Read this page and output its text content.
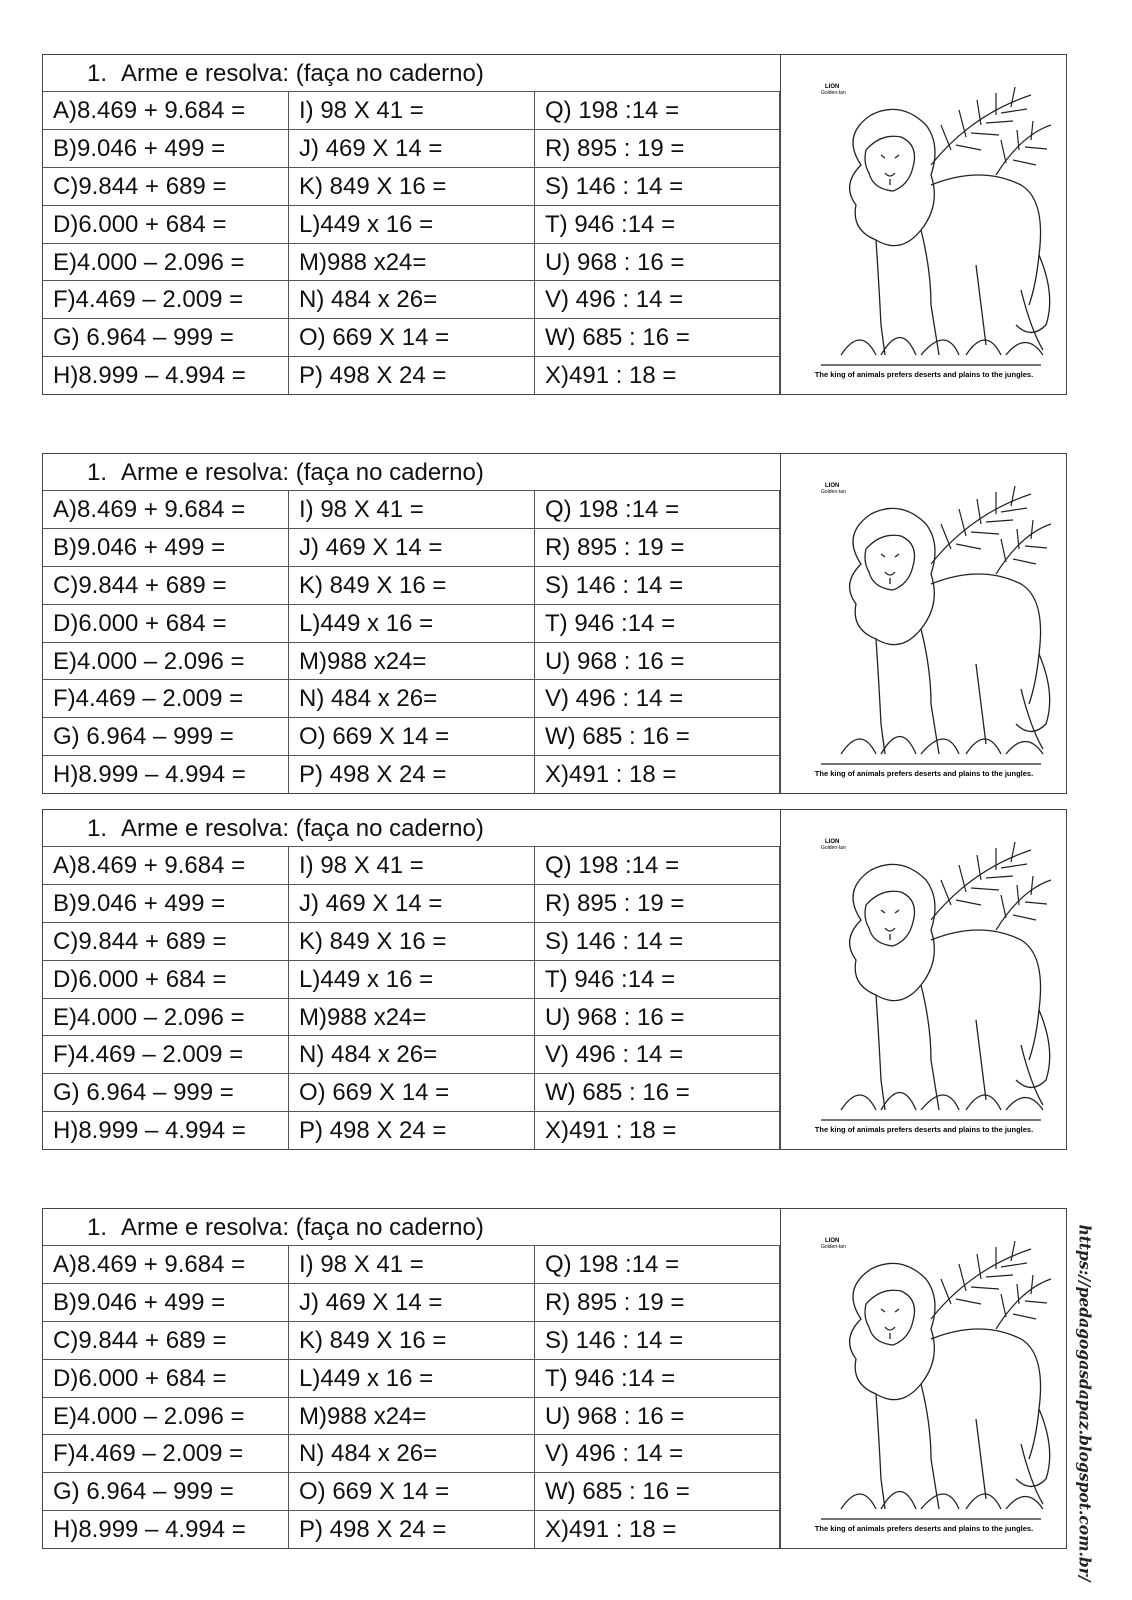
1. Arme e resolva: (faça no caderno)
A)8.469 + 9.684 =	I) 98 X 41 =	Q) 198 :14 =
B)9.046 + 499 =	J) 469 X 14 =	R) 895 : 19 =
C)9.844 + 689 =	K) 849 X 16 =	S) 146 : 14 =
D)6.000 + 684 =	L)449 x 16 =	T) 946 :14 =
E)4.000 – 2.096 =	M)988 x24=	U) 968 : 16 =
F)4.469 – 2.009 =	N) 484 x 26=	V) 496 : 14 =
G) 6.964 – 999 =	O) 669 X 14 =	W) 685 : 16 =
H)8.999 – 4.994 =	P) 498 X 24 =	X)491 : 18 =
LION
Golden-tan
The king of animals prefers deserts and plains to the jungles.
1. Arme e resolva: (faça no caderno)
A)8.469 + 9.684 =	I) 98 X 41 =	Q) 198 :14 =
B)9.046 + 499 =	J) 469 X 14 =	R) 895 : 19 =
C)9.844 + 689 =	K) 849 X 16 =	S) 146 : 14 =
D)6.000 + 684 =	L)449 x 16 =	T) 946 :14 =
E)4.000 – 2.096 =	M)988 x24=	U) 968 : 16 =
F)4.469 – 2.009 =	N) 484 x 26=	V) 496 : 14 =
G) 6.964 – 999 =	O) 669 X 14 =	W) 685 : 16 =
H)8.999 – 4.994 =	P) 498 X 24 =	X)491 : 18 =
LION
Golden-tan
The king of animals prefers deserts and plains to the jungles.
1. Arme e resolva: (faça no caderno)
A)8.469 + 9.684 =	I) 98 X 41 =	Q) 198 :14 =
B)9.046 + 499 =	J) 469 X 14 =	R) 895 : 19 =
C)9.844 + 689 =	K) 849 X 16 =	S) 146 : 14 =
D)6.000 + 684 =	L)449 x 16 =	T) 946 :14 =
E)4.000 – 2.096 =	M)988 x24=	U) 968 : 16 =
F)4.469 – 2.009 =	N) 484 x 26=	V) 496 : 14 =
G) 6.964 – 999 =	O) 669 X 14 =	W) 685 : 16 =
H)8.999 – 4.994 =	P) 498 X 24 =	X)491 : 18 =
LION
Golden-tan
The king of animals prefers deserts and plains to the jungles.
1. Arme e resolva: (faça no caderno)
A)8.469 + 9.684 =	I) 98 X 41 =	Q) 198 :14 =
B)9.046 + 499 =	J) 469 X 14 =	R) 895 : 19 =
C)9.844 + 689 =	K) 849 X 16 =	S) 146 : 14 =
D)6.000 + 684 =	L)449 x 16 =	T) 946 :14 =
E)4.000 – 2.096 =	M)988 x24=	U) 968 : 16 =
F)4.469 – 2.009 =	N) 484 x 26=	V) 496 : 14 =
G) 6.964 – 999 =	O) 669 X 14 =	W) 685 : 16 =
H)8.999 – 4.994 =	P) 498 X 24 =	X)491 : 18 =
LION
Golden-tan
The king of animals prefers deserts and plains to the jungles.	https://pedagogasdapaz.blogspot.com.br/
